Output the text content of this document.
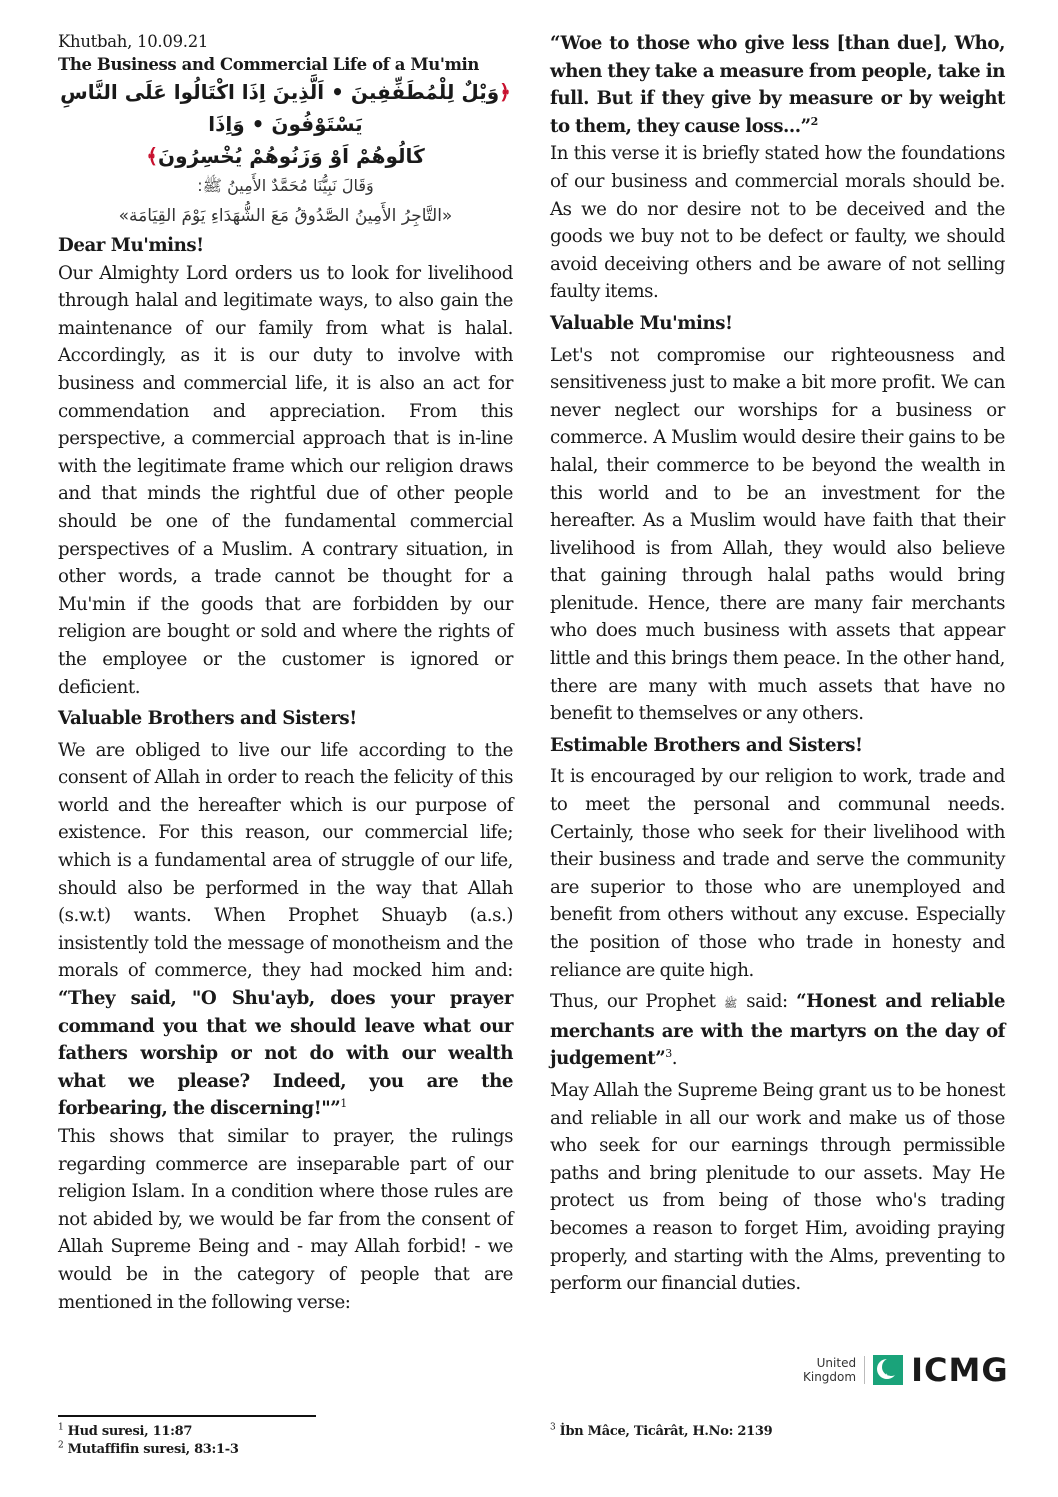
Khutbah, 10.09.21

The Business and Commercial Life of a Mu'min

﴿وَيْلٌ لِلْمُطَفِّفِينَ • اَلَّذِينَ اِذَا اكْتَالُوا عَلَى النَّاسِ يَسْتَوْفُونَ • وَاِذَا

كَالُوهُمْ اَوْ وَزَنُوهُمْ يُخْسِرُونَ﴾

وَقَالَ نَبِيُّنَا مُحَمَّدٌ الأَمِينُ ﷺ:

«التَّاجِرُ الأَمِينُ الصَّدُوقُ مَعَ الشُّهَدَاءِ يَوْمَ القِيَامَة»

Dear Mu'mins!

Our Almighty Lord orders us to look for livelihood through halal and legitimate ways, to also gain the maintenance of our family from what is halal. Accordingly, as it is our duty to involve with business and commercial life, it is also an act for commendation and appreciation. From this perspective, a commercial approach that is in-line with the legitimate frame which our religion draws and that minds the rightful due of other people should be one of the fundamental commercial perspectives of a Muslim. A contrary situation, in other words, a trade cannot be thought for a Mu'min if the goods that are forbidden by our religion are bought or sold and where the rights of the employee or the customer is ignored or deficient.

Valuable Brothers and Sisters!

We are obliged to live our life according to the consent of Allah in order to reach the felicity of this world and the hereafter which is our purpose of existence. For this reason, our commercial life; which is a fundamental area of struggle of our life, should also be performed in the way that Allah (s.w.t) wants. When Prophet Shuayb (a.s.) insistently told the message of monotheism and the morals of commerce, they had mocked him and: “They said, "O Shu'ayb, does your prayer command you that we should leave what our fathers worship or not do with our wealth what we please? Indeed, you are the forbearing, the discerning!"”$^1$

This shows that similar to prayer, the rulings regarding commerce are inseparable part of our religion Islam. In a condition where those rules are not abided by, we would be far from the consent of Allah Supreme Being and - may Allah forbid! - we would be in the category of people that are mentioned in the following verse:

“Woe to those who give less [than due], Who, when they take a measure from people, take in full. But if they give by measure or by weight to them, they cause loss...”$^2$

In this verse it is briefly stated how the foundations of our business and commercial morals should be. As we do nor desire not to be deceived and the goods we buy not to be defect or faulty, we should avoid deceiving others and be aware of not selling faulty items.

Valuable Mu'mins!

Let's not compromise our righteousness and sensitiveness just to make a bit more profit. We can never neglect our worships for a business or commerce. A Muslim would desire their gains to be halal, their commerce to be beyond the wealth in this world and to be an investment for the hereafter. As a Muslim would have faith that their livelihood is from Allah, they would also believe that gaining through halal paths would bring plenitude. Hence, there are many fair merchants who does much business with assets that appear little and this brings them peace. In the other hand, there are many with much assets that have no benefit to themselves or any others.

Estimable Brothers and Sisters!

It is encouraged by our religion to work, trade and to meet the personal and communal needs. Certainly, those who seek for their livelihood with their business and trade and serve the community are superior to those who are unemployed and benefit from others without any excuse. Especially the position of those who trade in honesty and reliance are quite high.

Thus, our Prophet ﷺ said: “Honest and reliable merchants are with the martyrs on the day of judgement”$^3$.

May Allah the Supreme Being grant us to be honest and reliable in all our work and make us of those who seek for our earnings through permissible paths and bring plenitude to our assets. May He protect us from being of those who's trading becomes a reason to forget Him, avoiding praying properly, and starting with the Alms, preventing to perform our financial duties.

United
Kingdom	★ ICMG

$^1$ Hud suresi, 11:87

$^2$ Mutaffifin suresi, 83:1-3

$^3$ İbn Mâce, Ticârât, H.No: 2139
